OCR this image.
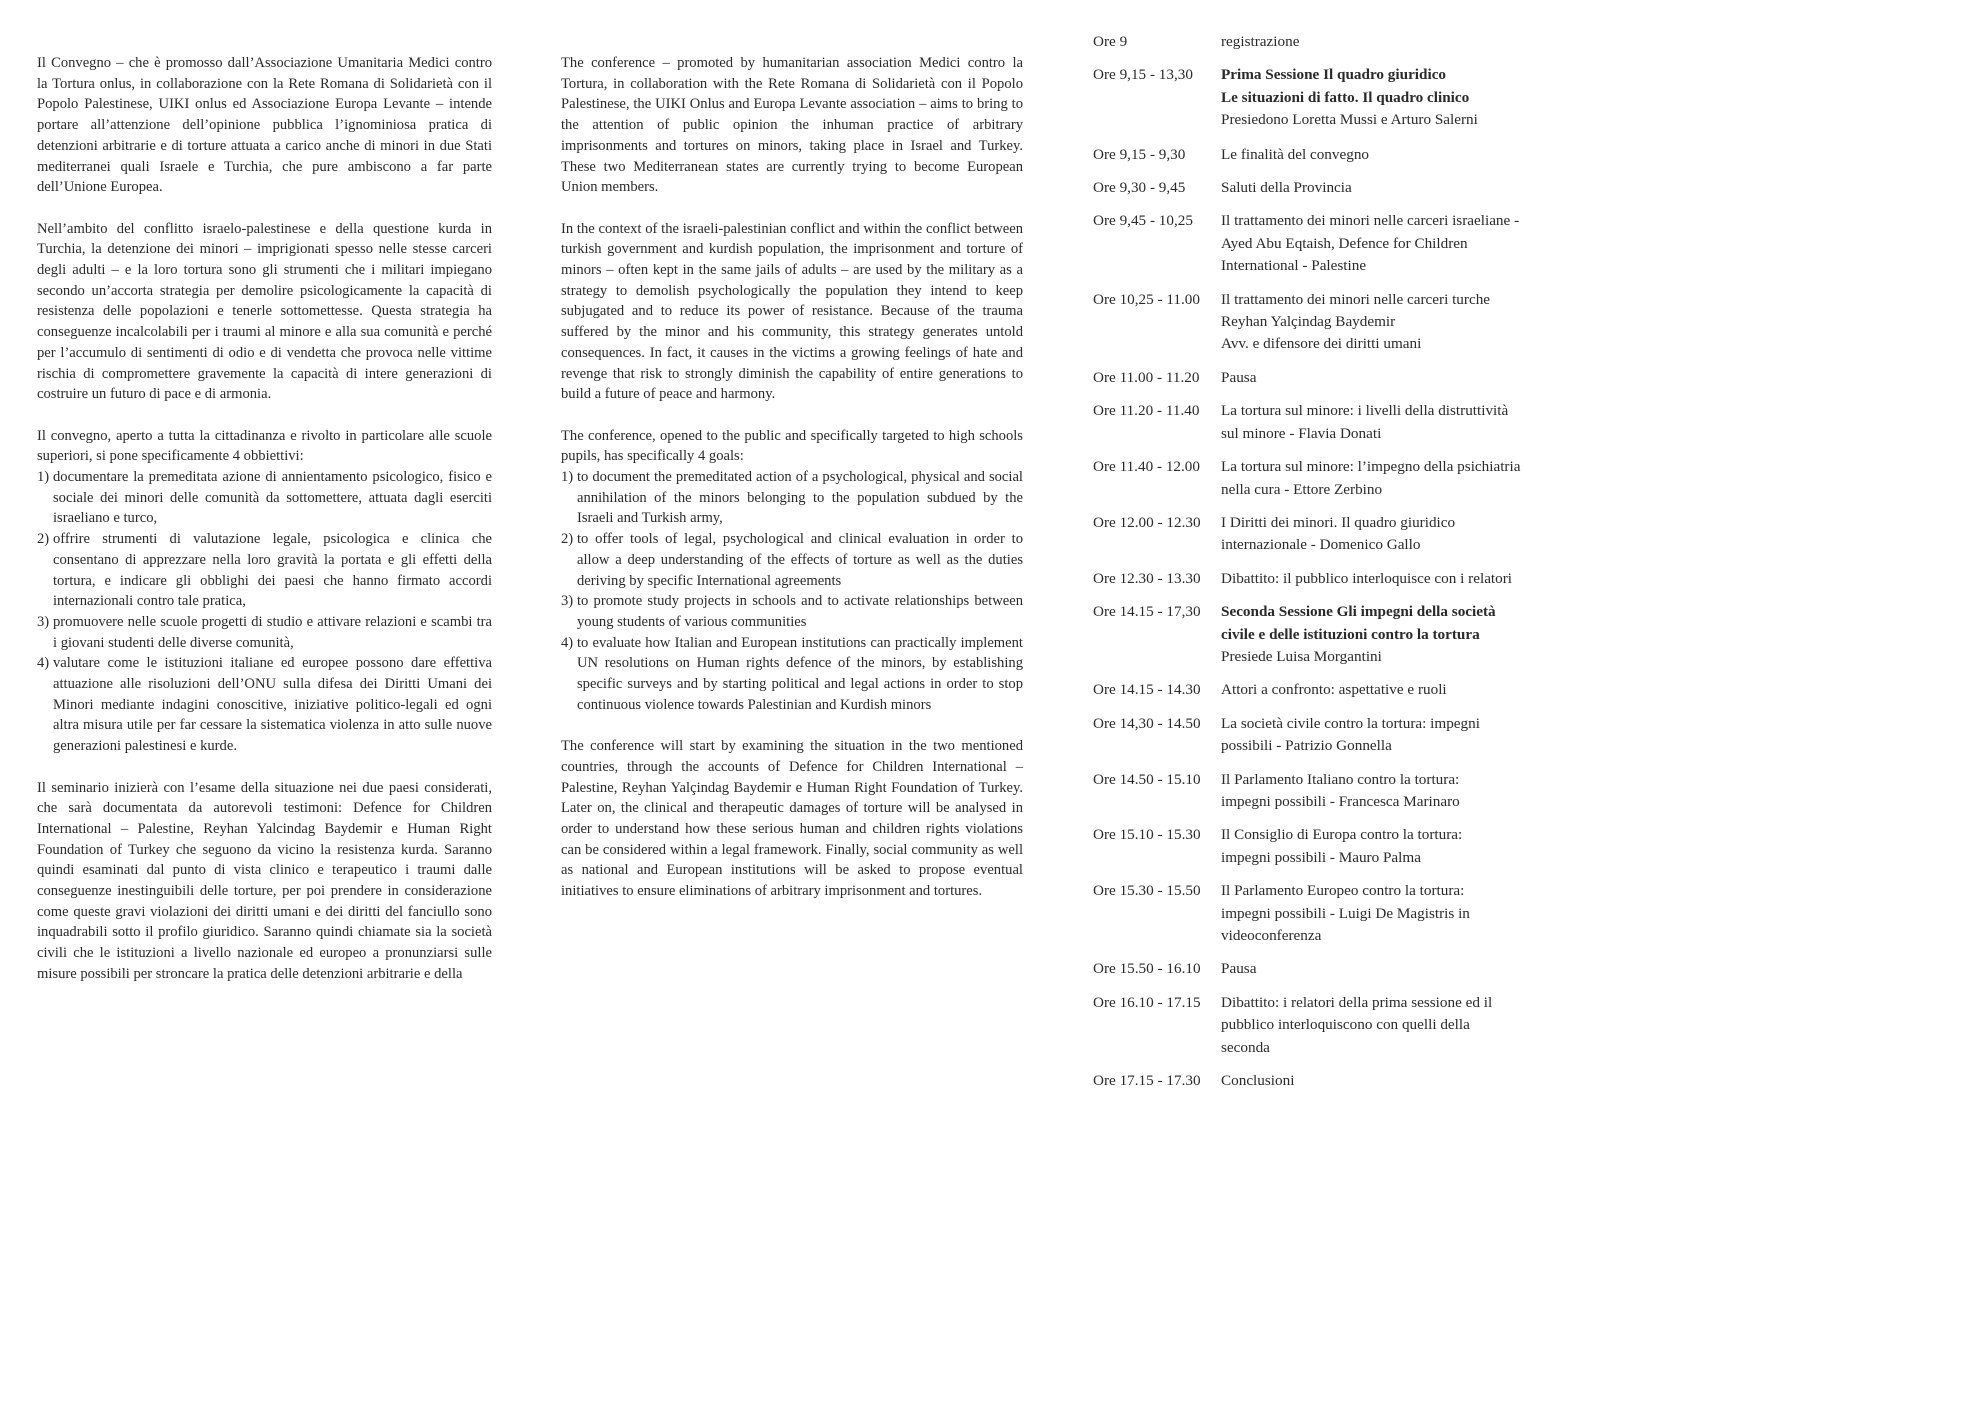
Il Convegno – che è promosso dall’Associazione Umanitaria Medici contro la Tortura onlus, in collaborazione con la Rete Romana di Solidarietà con il Popolo Palestinese, UIKI onlus ed Associazione Europa Levante – intende portare all’attenzione dell’opinione pubblica l’ignominiosa pratica di detenzioni arbitrarie e di torture attuata a carico anche di minori in due Stati mediterranei quali Israele e Turchia, che pure ambiscono a far parte dell’Unione Europea.

Nell’ambito del conflitto israelo-palestinese e della questione kurda in Turchia, la detenzione dei minori – imprigionati spesso nelle stesse carceri degli adulti – e la loro tortura sono gli strumenti che i militari impiegano secondo un’accorta strategia per demolire psicologicamente la capacità di resistenza delle popolazioni e tenerle sottomettesse. Questa strategia ha conseguenze incalcolabili per i traumi al minore e alla sua comunità e perché per l’accumulo di sentimenti di odio e di vendetta che provoca nelle vittime rischia di compromettere gravemente la capacità di intere generazioni di costruire un futuro di pace e di armonia.

Il convegno, aperto a tutta la cittadinanza e rivolto in particolare alle scuole superiori, si pone specificamente 4 obbiettivi:

1) documentare la premeditata azione di annientamento psicologico, fisico e sociale dei minori delle comunità da sottomettere, attuata dagli eserciti israeliano e turco,
2) offrire strumenti di valutazione legale, psicologica e clinica che consentano di apprezzare nella loro gravità la portata e gli effetti della tortura, e indicare gli obblighi dei paesi che hanno firmato accordi internazionali contro tale pratica,
3) promuovere nelle scuole progetti di studio e attivare relazioni e scambi tra i giovani studenti delle diverse comunità,
4) valutare come le istituzioni italiane ed europee possono dare effettiva attuazione alle risoluzioni dell’ONU sulla difesa dei Diritti Umani dei Minori mediante indagini conoscitive, iniziative politico-legali ed ogni altra misura utile per far cessare la sistematica violenza in atto sulle nuove generazioni palestinesi e kurde.

Il seminario inizierà con l’esame della situazione nei due paesi considerati, che sarà documentata da autorevoli testimoni: Defence for Children International – Palestine, Reyhan Yalcindag Baydemir e Human Right Foundation of Turkey che seguono da vicino la resistenza kurda. Saranno quindi esaminati dal punto di vista clinico e terapeutico i traumi dalle conseguenze inestinguibili delle torture, per poi prendere in considerazione come queste gravi violazioni dei diritti umani e dei diritti del fanciullo sono inquadrabili sotto il profilo giuridico. Saranno quindi chiamate sia la società civili che le istituzioni a livello nazionale ed europeo a pronunziarsi sulle misure possibili per stroncare la pratica delle detenzioni arbitrarie e della

The conference – promoted by humanitarian association Medici contro la Tortura, in collaboration with the Rete Romana di Solidarietà con il Popolo Palestinese, the UIKI Onlus and Europa Levante association – aims to bring to the attention of public opinion the inhuman practice of arbitrary imprisonments and tortures on minors, taking place in Israel and Turkey. These two Mediterranean states are currently trying to become European Union members.

In the context of the israeli-palestinian conflict and within the conflict between turkish government and kurdish population, the imprisonment and torture of minors – often kept in the same jails of adults – are used by the military as a strategy to demolish psychologically the population they intend to keep subjugated and to reduce its power of resistance. Because of the trauma suffered by the minor and his community, this strategy generates untold consequences. In fact, it causes in the victims a growing feelings of hate and revenge that risk to strongly diminish the capability of entire generations to build a future of peace and harmony.

The conference, opened to the public and specifically targeted to high schools pupils, has specifically 4 goals:

1) to document the premeditated action of a psychological, physical and social annihilation of the minors belonging to the population subdued by the Israeli and Turkish army,
2) to offer tools of legal, psychological and clinical evaluation in order to allow a deep understanding of the effects of torture as well as the duties deriving by specific International agreements
3) to promote study projects in schools and to activate relationships between young students of various communities
4) to evaluate how Italian and European institutions can practically implement UN resolutions on Human rights defence of the minors, by establishing specific surveys and by starting political and legal actions in order to stop continuous violence towards Palestinian and Kurdish minors

The conference will start by examining the situation in the two mentioned countries, through the accounts of Defence for Children International – Palestine, Reyhan Yalçindag Baydemir e Human Right Foundation of Turkey. Later on, the clinical and therapeutic damages of torture will be analysed in order to understand how these serious human and children rights violations can be considered within a legal framework. Finally, social community as well as national and European institutions will be asked to propose eventual initiatives to ensure eliminations of arbitrary imprisonment and tortures.

Ore 9	registrazione
Ore 9,15 - 13,30	Prima Sessione Il quadro giuridico
Le situazioni di fatto. Il quadro clinico
Presiedono Loretta Mussi e Arturo Salerni
Ore 9,15 - 9,30	Le finalità del convegno
Ore 9,30 - 9,45	Saluti della Provincia
Ore 9,45 - 10,25	Il trattamento dei minori nelle carceri israeliane -
Ayed Abu Eqtaish, Defence for Children
International - Palestine
Ore 10,25 - 11.00	Il trattamento dei minori nelle carceri turche
Reyhan Yalçindag Baydemir
Avv. e difensore dei diritti umani
Ore 11.00 - 11.20	Pausa
Ore 11.20 - 11.40	La tortura sul minore: i livelli della distruttività
sul minore - Flavia Donati
Ore 11.40 - 12.00	La tortura sul minore: l’impegno della psichiatria
nella cura - Ettore Zerbino
Ore 12.00 - 12.30	I Diritti dei minori. Il quadro giuridico
internazionale - Domenico Gallo
Ore 12.30 - 13.30	Dibattito: il pubblico interloquisce con i relatori
Ore 14.15 - 17,30	Seconda Sessione Gli impegni della società
civile e delle istituzioni contro la tortura
Presiede Luisa Morgantini
Ore 14.15 - 14.30	Attori a confronto: aspettative e ruoli
Ore 14,30 - 14.50	La società civile contro la tortura: impegni
possibili - Patrizio Gonnella
Ore 14.50 - 15.10	Il Parlamento Italiano contro la tortura:
impegni possibili - Francesca Marinaro
Ore 15.10 - 15.30	Il Consiglio di Europa contro la tortura:
impegni possibili - Mauro Palma
Ore 15.30 - 15.50	Il Parlamento Europeo contro la tortura:
impegni possibili - Luigi De Magistris in
videoconferenza
Ore 15.50 - 16.10	Pausa
Ore 16.10 - 17.15	Dibattito: i relatori della prima sessione ed il
pubblico interloquiscono con quelli della
seconda
Ore 17.15 - 17.30	Conclusioni
